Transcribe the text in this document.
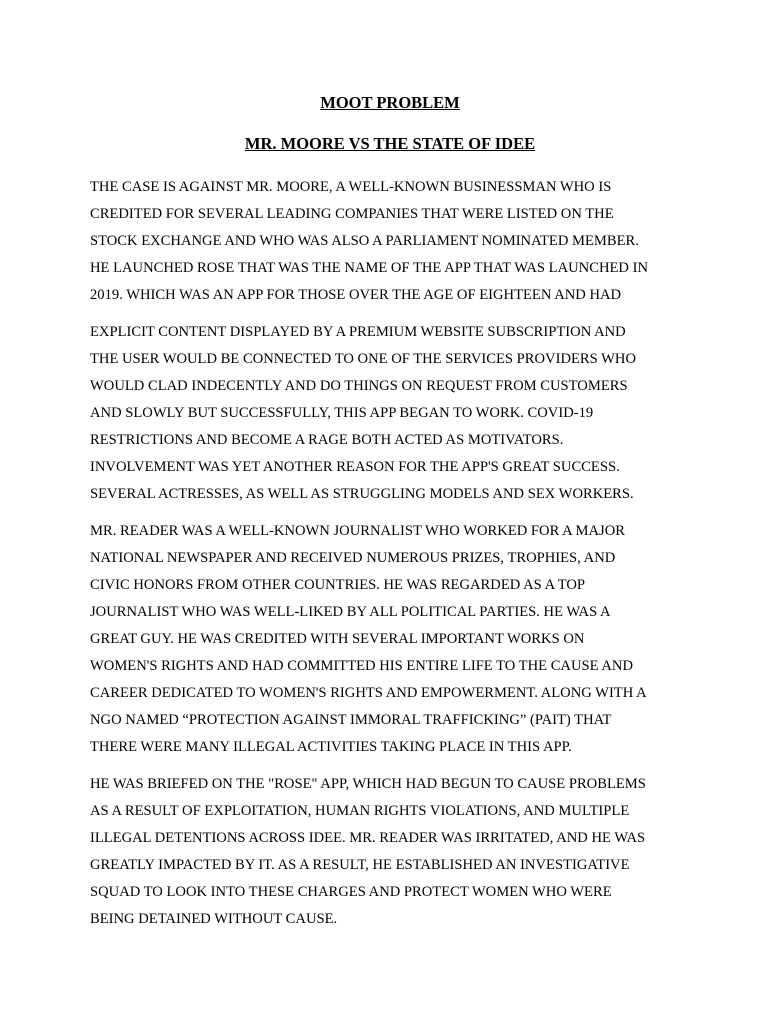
MOOT PROBLEM
MR. MOORE VS THE STATE OF IDEE
THE CASE IS AGAINST MR. MOORE, A WELL-KNOWN BUSINESSMAN WHO IS
CREDITED FOR SEVERAL LEADING COMPANIES THAT WERE LISTED ON THE
STOCK EXCHANGE AND WHO WAS ALSO A PARLIAMENT NOMINATED MEMBER.
HE LAUNCHED ROSE THAT WAS THE NAME OF THE APP THAT WAS LAUNCHED IN
2019. WHICH WAS AN APP FOR THOSE OVER THE AGE OF EIGHTEEN AND HAD
EXPLICIT CONTENT DISPLAYED BY A PREMIUM WEBSITE SUBSCRIPTION AND
THE USER WOULD BE CONNECTED TO ONE OF THE SERVICES PROVIDERS WHO
WOULD CLAD INDECENTLY AND DO THINGS ON REQUEST FROM CUSTOMERS
AND SLOWLY BUT SUCCESSFULLY, THIS APP BEGAN TO WORK. COVID-19
RESTRICTIONS AND BECOME A RAGE BOTH ACTED AS MOTIVATORS.
INVOLVEMENT WAS YET ANOTHER REASON FOR THE APP'S GREAT SUCCESS.
SEVERAL ACTRESSES, AS WELL AS STRUGGLING MODELS AND SEX WORKERS.
MR. READER WAS A WELL-KNOWN JOURNALIST WHO WORKED FOR A MAJOR
NATIONAL NEWSPAPER AND RECEIVED NUMEROUS PRIZES, TROPHIES, AND
CIVIC HONORS FROM OTHER COUNTRIES. HE WAS REGARDED AS A TOP
JOURNALIST WHO WAS WELL-LIKED BY ALL POLITICAL PARTIES. HE WAS A
GREAT GUY. HE WAS CREDITED WITH SEVERAL IMPORTANT WORKS ON
WOMEN'S RIGHTS AND HAD COMMITTED HIS ENTIRE LIFE TO THE CAUSE AND
CAREER DEDICATED TO WOMEN'S RIGHTS AND EMPOWERMENT. ALONG WITH A
NGO NAMED “PROTECTION AGAINST IMMORAL TRAFFICKING” (PAIT) THAT
THERE WERE MANY ILLEGAL ACTIVITIES TAKING PLACE IN THIS APP.
HE WAS BRIEFED ON THE "ROSE" APP, WHICH HAD BEGUN TO CAUSE PROBLEMS
AS A RESULT OF EXPLOITATION, HUMAN RIGHTS VIOLATIONS, AND MULTIPLE
ILLEGAL DETENTIONS ACROSS IDEE. MR. READER WAS IRRITATED, AND HE WAS
GREATLY IMPACTED BY IT. AS A RESULT, HE ESTABLISHED AN INVESTIGATIVE
SQUAD TO LOOK INTO THESE CHARGES AND PROTECT WOMEN WHO WERE
BEING DETAINED WITHOUT CAUSE.
